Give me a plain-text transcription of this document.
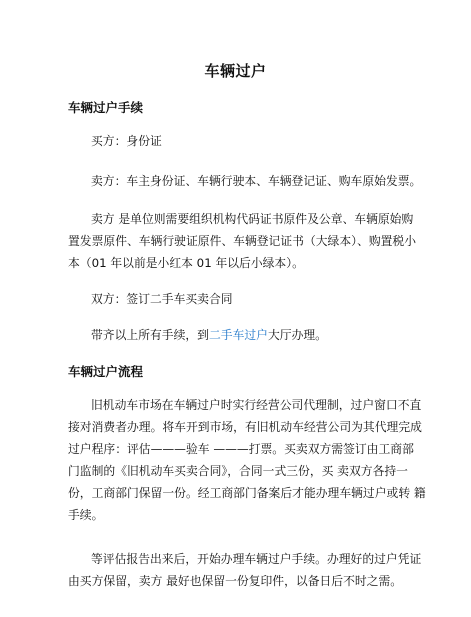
车辆过户
车辆过户手续

买方：身份证

卖方：车主身份证、车辆行驶本、车辆登记证、购车原始发票。

卖方 是单位则需要组织机构代码证书原件及公章、车辆原始购
置发票原件、车辆行驶证原件、车辆登记证书（大绿本）、购置税小
本（01 年以前是小红本 01 年以后小绿本）。

双方：签订二手车买卖合同

带齐以上所有手续，到二手车过户大厅办理。

车辆过户流程

旧机动车市场在车辆过户时实行经营公司代理制，过户窗口不直
接对消费者办理。将车开到市场，有旧机动车经营公司为其代理完成
过户程序：评估———验车 ———打票。买卖双方需签订由工商部
门监制的《旧机动车买卖合同》，合同一式三份，买 卖双方各持一
份，工商部门保留一份。经工商部门备案后才能办理车辆过户或转 籍
手续。

等评估报告出来后，开始办理车辆过户手续。办理好的过户凭证
由买方保留，卖方 最好也保留一份复印件，以备日后不时之需。
